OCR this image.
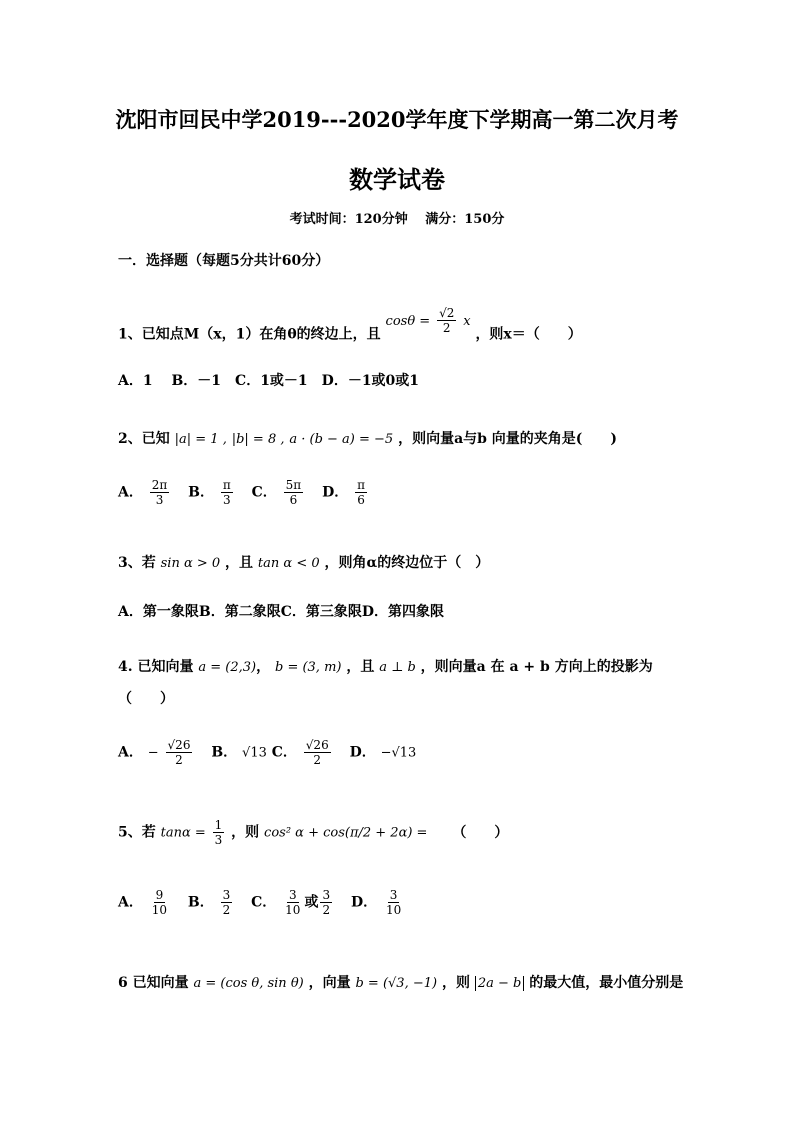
沈阳市回民中学2019---2020学年度下学期高一第二次月考
数学试卷
考试时间：120分钟　 满分：150分
一．选择题（每题5分共计60分）
1、已知点M（x，1）在角θ的终边上，且 $\cos\theta = \frac{√2}{2}$ x ，则x＝（　　）
A．1　 B．－1　C．1或－1　D．－1或0或1
2、已知 |a| = 1 , |b| = 8 , a · (b − a) = −5 ，则向量a与b 向量的夹角是(　　)
A． $\frac{2\pi}{3}$ B． $\frac{\pi}{3}$ C． $\frac{5\pi}{6}$ D． $\frac{\pi}{6}$
3、若 sin α > 0 ，且 tan α < 0 ，则角α的终边位于（　）
A．第一象限B．第二象限C．第三象限D．第四象限
4. 已知向量 a = (2,3)， b = (3, m) ，且 a ⊥ b ，则向量a 在 a + b 方向上的投影为
（　　）
A． − $\frac{√26}{2}$ B． √13 C． $\frac{√26}{2}$ D． −√13
5、若 $\tan\alpha = \frac{1}{3}$ ，则 cos² α + cos(π/2 + 2α) = （　　）
A． $\frac{9}{10}$ B． $\frac{3}{2}$ C． $\frac{3}{10}$ 或 $\frac{3}{2}$ D． $\frac{3}{10}$
6 已知向量 a = (cos θ, sin θ) ，向量 b = (√3, −1) ，则 2a − b 的最大值，最小值分别是
